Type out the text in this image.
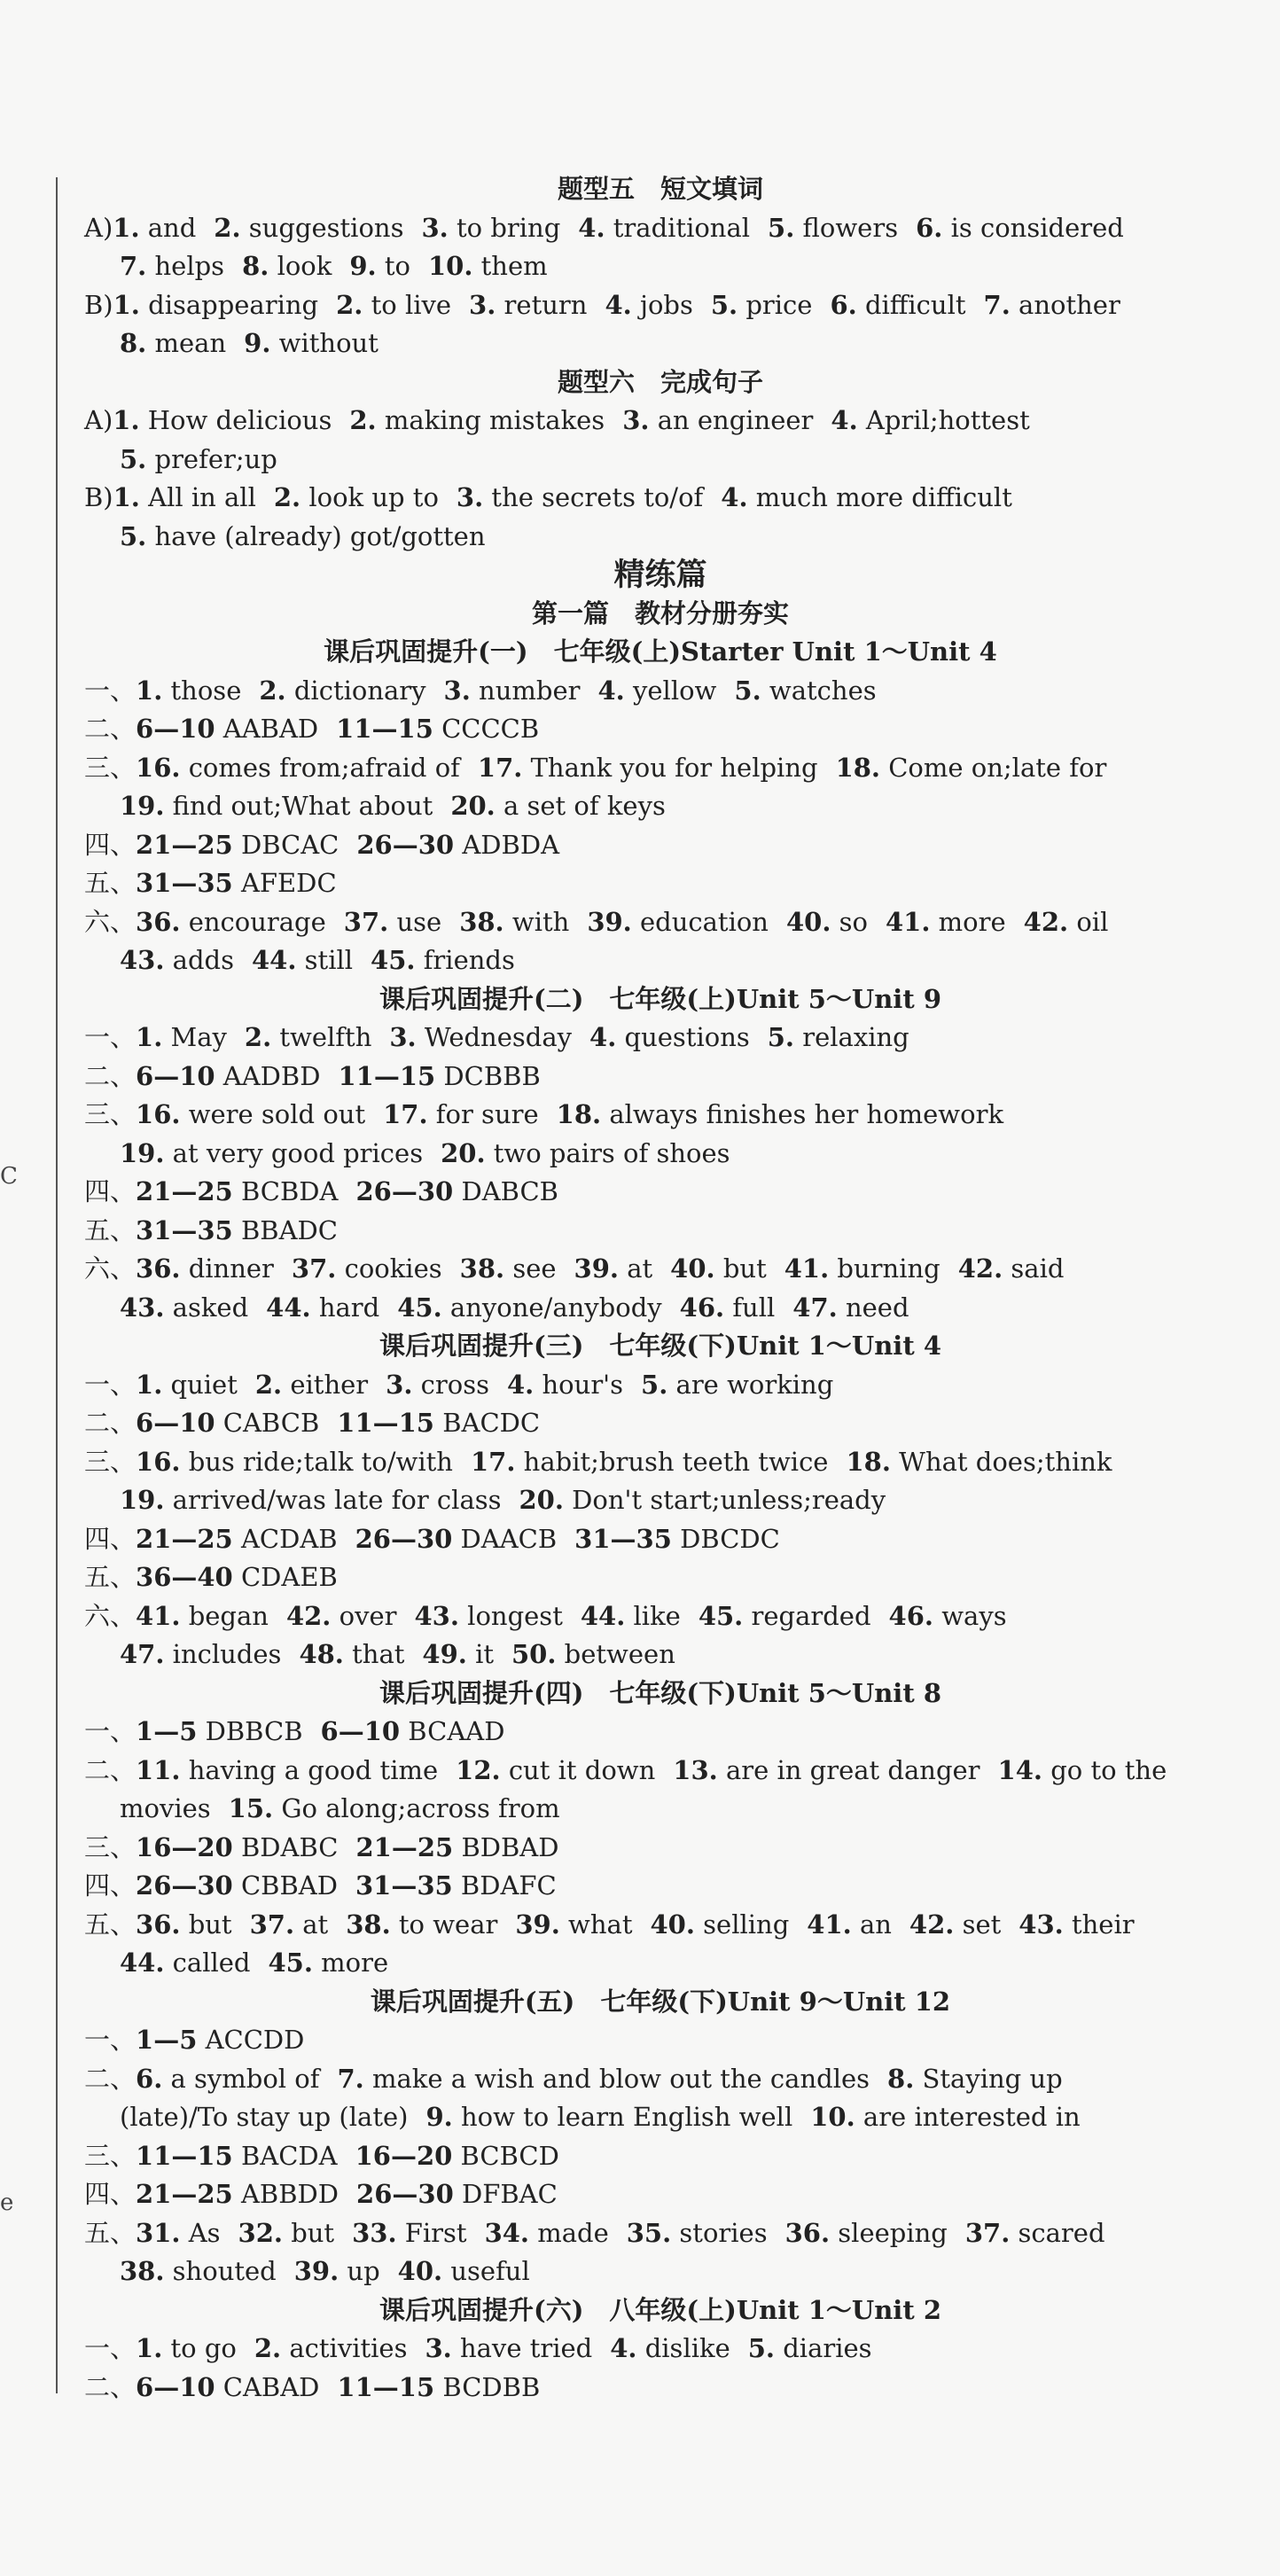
C
e
题型五　短文填词
A)1. and 2. suggestions 3. to bring 4. traditional 5. flowers 6. is considered
7. helps 8. look 9. to 10. them
B)1. disappearing 2. to live 3. return 4. jobs 5. price 6. difficult 7. another
8. mean 9. without
题型六　完成句子
A)1. How delicious 2. making mistakes 3. an engineer 4. April;hottest
5. prefer;up
B)1. All in all 2. look up to 3. the secrets to/of 4. much more difficult
5. have (already) got/gotten
精练篇
第一篇　教材分册夯实
课后巩固提升(一)　七年级(上)Starter Unit 1～Unit 4
一、1. those 2. dictionary 3. number 4. yellow 5. watches
二、6—10 AABAD 11—15 CCCCB
三、16. comes from;afraid of 17. Thank you for helping 18. Come on;late for
19. find out;What about 20. a set of keys
四、21—25 DBCAC 26—30 ADBDA
五、31—35 AFEDC
六、36. encourage 37. use 38. with 39. education 40. so 41. more 42. oil
43. adds 44. still 45. friends
课后巩固提升(二)　七年级(上)Unit 5～Unit 9
一、1. May 2. twelfth 3. Wednesday 4. questions 5. relaxing
二、6—10 AADBD 11—15 DCBBB
三、16. were sold out 17. for sure 18. always finishes her homework
19. at very good prices 20. two pairs of shoes
四、21—25 BCBDA 26—30 DABCB
五、31—35 BBADC
六、36. dinner 37. cookies 38. see 39. at 40. but 41. burning 42. said
43. asked 44. hard 45. anyone/anybody 46. full 47. need
课后巩固提升(三)　七年级(下)Unit 1～Unit 4
一、1. quiet 2. either 3. cross 4. hour's 5. are working
二、6—10 CABCB 11—15 BACDC
三、16. bus ride;talk to/with 17. habit;brush teeth twice 18. What does;think
19. arrived/was late for class 20. Don't start;unless;ready
四、21—25 ACDAB 26—30 DAACB 31—35 DBCDC
五、36—40 CDAEB
六、41. began 42. over 43. longest 44. like 45. regarded 46. ways
47. includes 48. that 49. it 50. between
课后巩固提升(四)　七年级(下)Unit 5～Unit 8
一、1—5 DBBCB 6—10 BCAAD
二、11. having a good time 12. cut it down 13. are in great danger 14. go to the
movies 15. Go along;across from
三、16—20 BDABC 21—25 BDBAD
四、26—30 CBBAD 31—35 BDAFC
五、36. but 37. at 38. to wear 39. what 40. selling 41. an 42. set 43. their
44. called 45. more
课后巩固提升(五)　七年级(下)Unit 9～Unit 12
一、1—5 ACCDD
二、6. a symbol of 7. make a wish and blow out the candles 8. Staying up
(late)/To stay up (late) 9. how to learn English well 10. are interested in
三、11—15 BACDA 16—20 BCBCD
四、21—25 ABBDD 26—30 DFBAC
五、31. As 32. but 33. First 34. made 35. stories 36. sleeping 37. scared
38. shouted 39. up 40. useful
课后巩固提升(六)　八年级(上)Unit 1～Unit 2
一、1. to go 2. activities 3. have tried 4. dislike 5. diaries
二、6—10 CABAD 11—15 BCDBB
